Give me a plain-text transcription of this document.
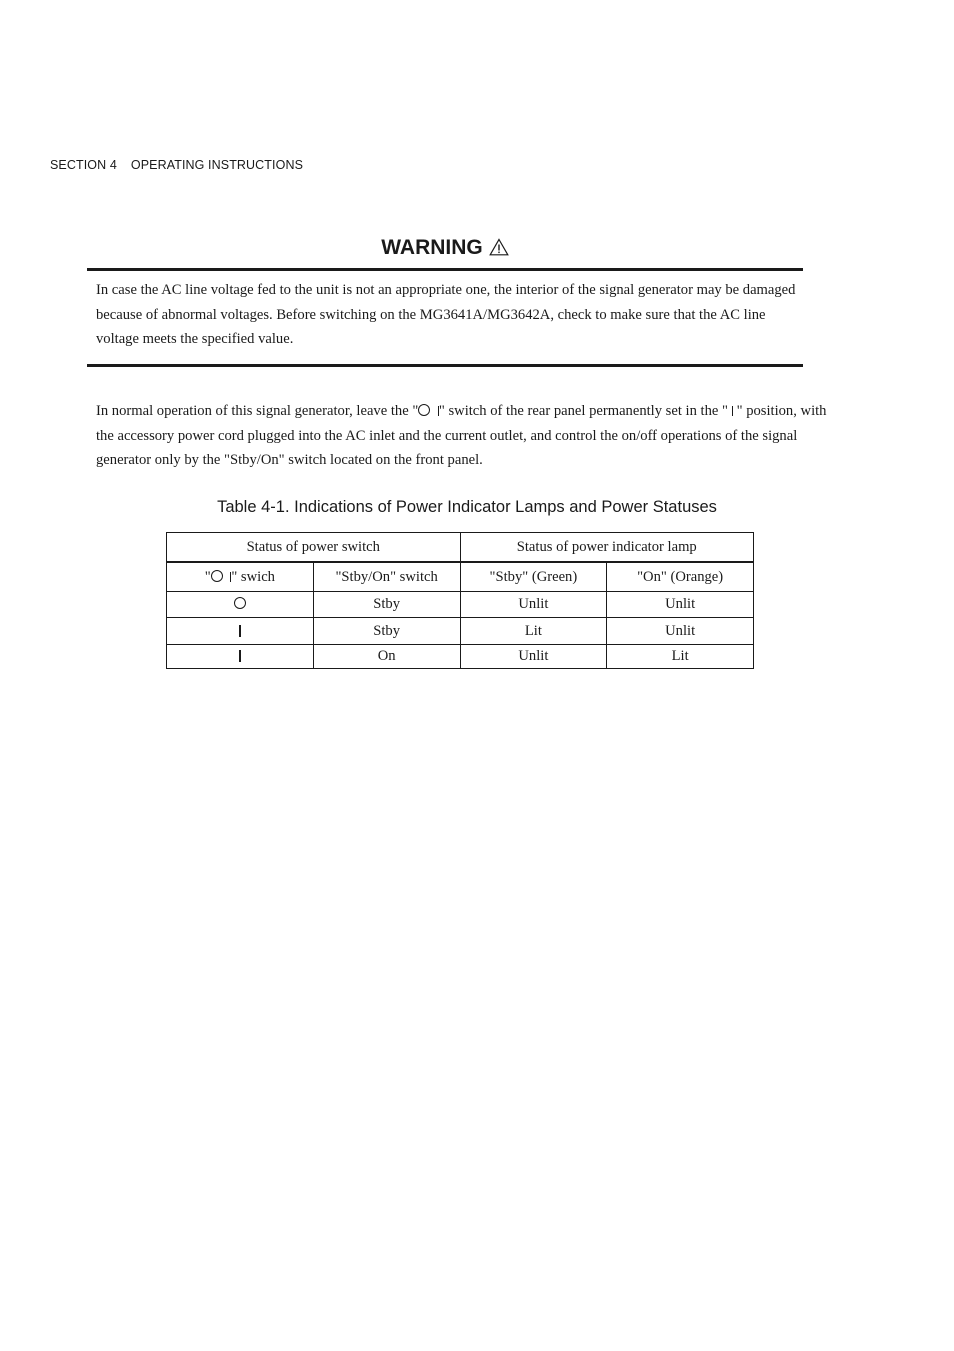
SECTION 4 OPERATING INSTRUCTIONS
WARNING
In case the AC line voltage fed to the unit is not an appropriate one, the interior of the signal generator may be damaged because of abnormal voltages. Before switching on the MG3641A/MG3642A, check to make sure that the AC line voltage meets the specified value.
In normal operation of this signal generator, leave the " " switch of the rear panel permanently set in the " " position, with the accessory power cord plugged into the AC inlet and the current outlet, and control the on/off operations of the signal generator only by the "Stby/On" switch located on the front panel.
Table 4-1. Indications of Power Indicator Lamps and Power Statuses
Status of power switch		Status of power indicator lamp	
" " swich	"Stby/On" switch	"Stby" (Green)	"On" (Orange)
	Stby	Unlit	Unlit
	Stby	Lit	Unlit
	On	Unlit	Lit
